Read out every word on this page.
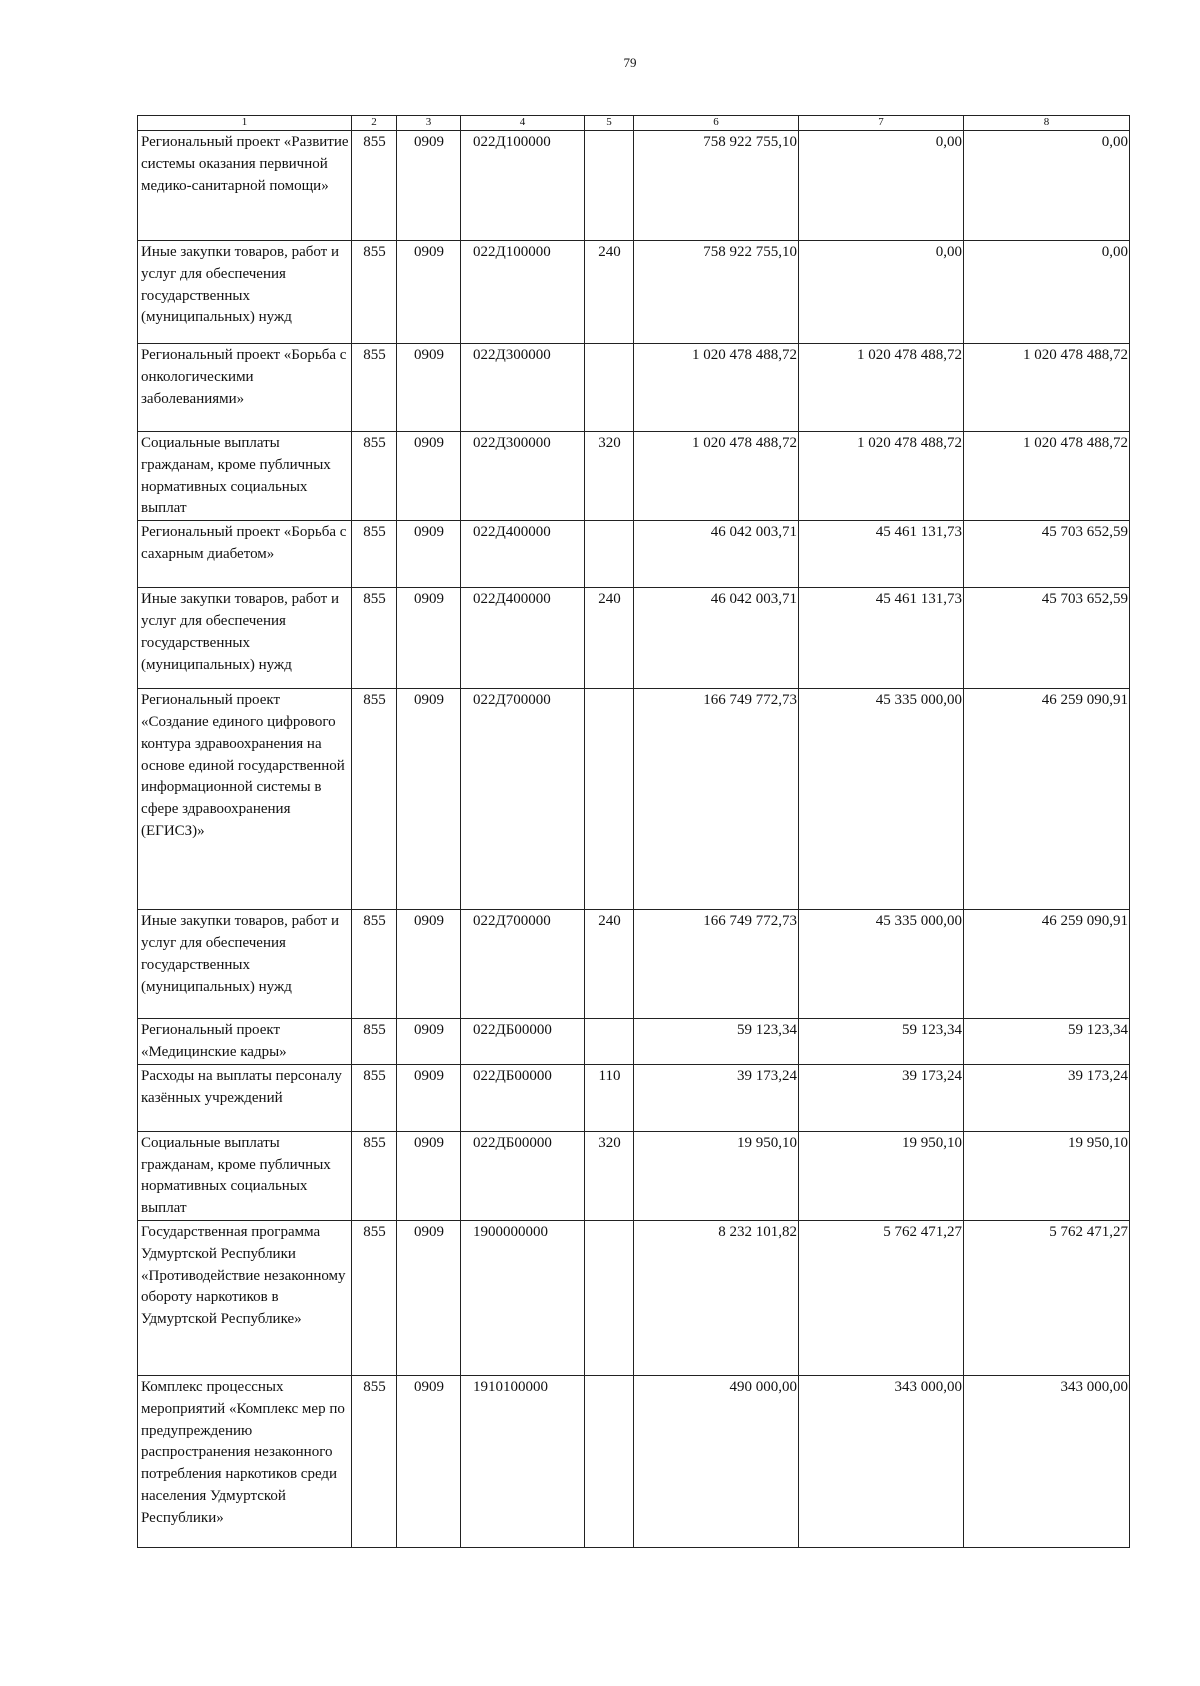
79
1	2	3	4	5	6	7	8
Региональный проект «Развитие системы оказания первичной медико-санитарной помощи»	855	0909	022Д100000		758 922 755,10	0,00	0,00
Иные закупки товаров, работ и услуг для обеспечения государственных (муниципальных) нужд	855	0909	022Д100000	240	758 922 755,10	0,00	0,00
Региональный проект «Борьба с онкологическими заболеваниями»	855	0909	022Д300000		1 020 478 488,72	1 020 478 488,72	1 020 478 488,72
Социальные выплаты гражданам, кроме публичных нормативных социальных выплат	855	0909	022Д300000	320	1 020 478 488,72	1 020 478 488,72	1 020 478 488,72
Региональный проект «Борьба с сахарным диабетом»	855	0909	022Д400000		46 042 003,71	45 461 131,73	45 703 652,59
Иные закупки товаров, работ и услуг для обеспечения государственных (муниципальных) нужд	855	0909	022Д400000	240	46 042 003,71	45 461 131,73	45 703 652,59
Региональный проект «Создание единого цифрового контура здравоохранения на основе единой государственной информационной системы в сфере здравоохранения (ЕГИСЗ)»	855	0909	022Д700000		166 749 772,73	45 335 000,00	46 259 090,91
Иные закупки товаров, работ и услуг для обеспечения государственных (муниципальных) нужд	855	0909	022Д700000	240	166 749 772,73	45 335 000,00	46 259 090,91
Региональный проект «Медицинские кадры»	855	0909	022ДБ00000		59 123,34	59 123,34	59 123,34
Расходы на выплаты персоналу казённых учреждений	855	0909	022ДБ00000	110	39 173,24	39 173,24	39 173,24
Социальные выплаты гражданам, кроме публичных нормативных социальных выплат	855	0909	022ДБ00000	320	19 950,10	19 950,10	19 950,10
Государственная программа Удмуртской Республики «Противодействие незаконному обороту наркотиков в Удмуртской Республике»	855	0909	1900000000		8 232 101,82	5 762 471,27	5 762 471,27
Комплекс процессных мероприятий «Комплекс мер по предупреждению распространения незаконного потребления наркотиков среди населения Удмуртской Республики»	855	0909	1910100000		490 000,00	343 000,00	343 000,00
